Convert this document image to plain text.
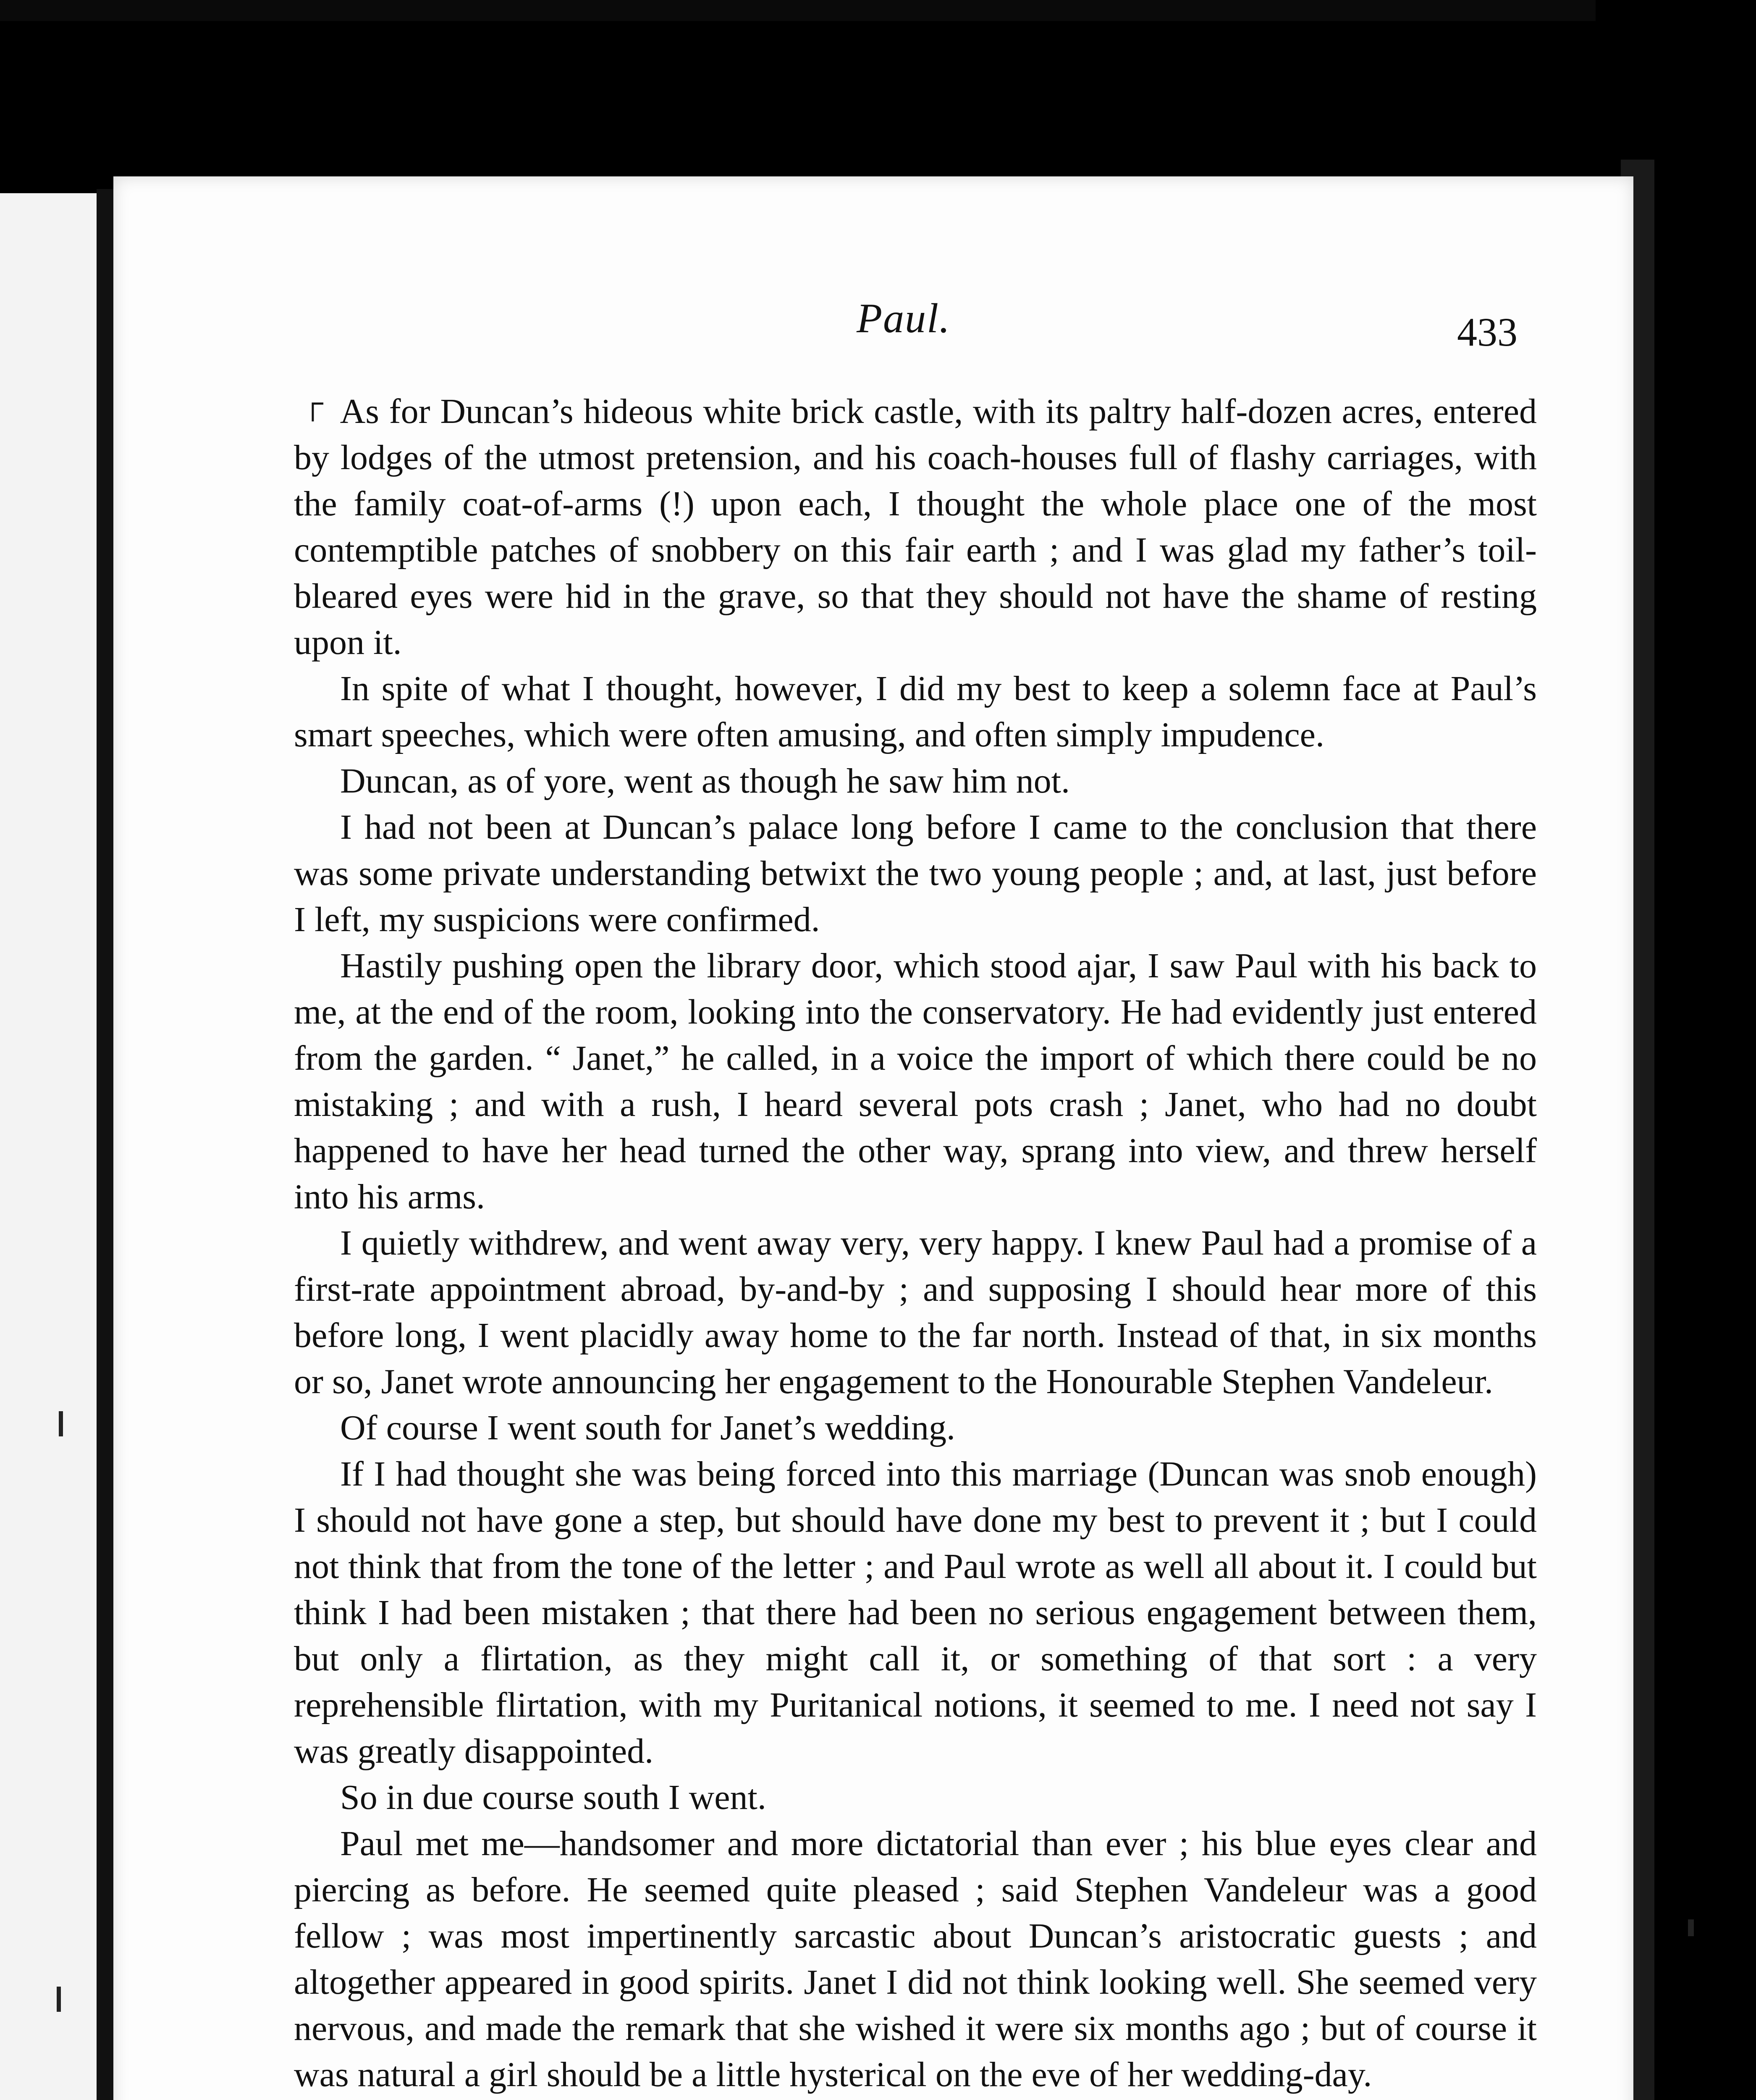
Paul.	433

┌ As for Duncan’s hideous white brick castle, with its paltry half-dozen acres, entered by lodges of the utmost pretension, and his coach-houses full of flashy carriages, with the family coat-of-arms (!) upon each, I thought the whole place one of the most contemptible patches of snobbery on this fair earth ; and I was glad my father’s toil-bleared eyes were hid in the grave, so that they should not have the shame of resting upon it.

In spite of what I thought, however, I did my best to keep a solemn face at Paul’s smart speeches, which were often amusing, and often simply impudence.

Duncan, as of yore, went as though he saw him not.

I had not been at Duncan’s palace long before I came to the conclusion that there was some private understanding betwixt the two young people ; and, at last, just before I left, my suspicions were confirmed.

Hastily pushing open the library door, which stood ajar, I saw Paul with his back to me, at the end of the room, looking into the conservatory. He had evidently just entered from the garden. “ Janet,” he called, in a voice the import of which there could be no mistaking ; and with a rush, I heard several pots crash ; Janet, who had no doubt happened to have her head turned the other way, sprang into view, and threw herself into his arms.

I quietly withdrew, and went away very, very happy. I knew Paul had a promise of a first-rate appointment abroad, by-and-by ; and supposing I should hear more of this before long, I went placidly away home to the far north. Instead of that, in six months or so, Janet wrote announcing her engagement to the Honourable Stephen Vandeleur.

Of course I went south for Janet’s wedding.

If I had thought she was being forced into this marriage (Duncan was snob enough) I should not have gone a step, but should have done my best to prevent it ; but I could not think that from the tone of the letter ; and Paul wrote as well all about it. I could but think I had been mistaken ; that there had been no serious engagement between them, but only a flirtation, as they might call it, or something of that sort : a very reprehensible flirtation, with my Puritanical notions, it seemed to me. I need not say I was greatly disappointed.

So in due course south I went.

Paul met me—handsomer and more dictatorial than ever ; his blue eyes clear and piercing as before. He seemed quite pleased ; said Stephen Vandeleur was a good fellow ; was most impertinently sarcastic about Duncan’s aristocratic guests ; and altogether appeared in good spirits. Janet I did not think looking well. She seemed very nervous, and made the remark that she wished it were six months ago ; but of course it was natural a girl should be a little hysterical on the eve of her wedding-day.
